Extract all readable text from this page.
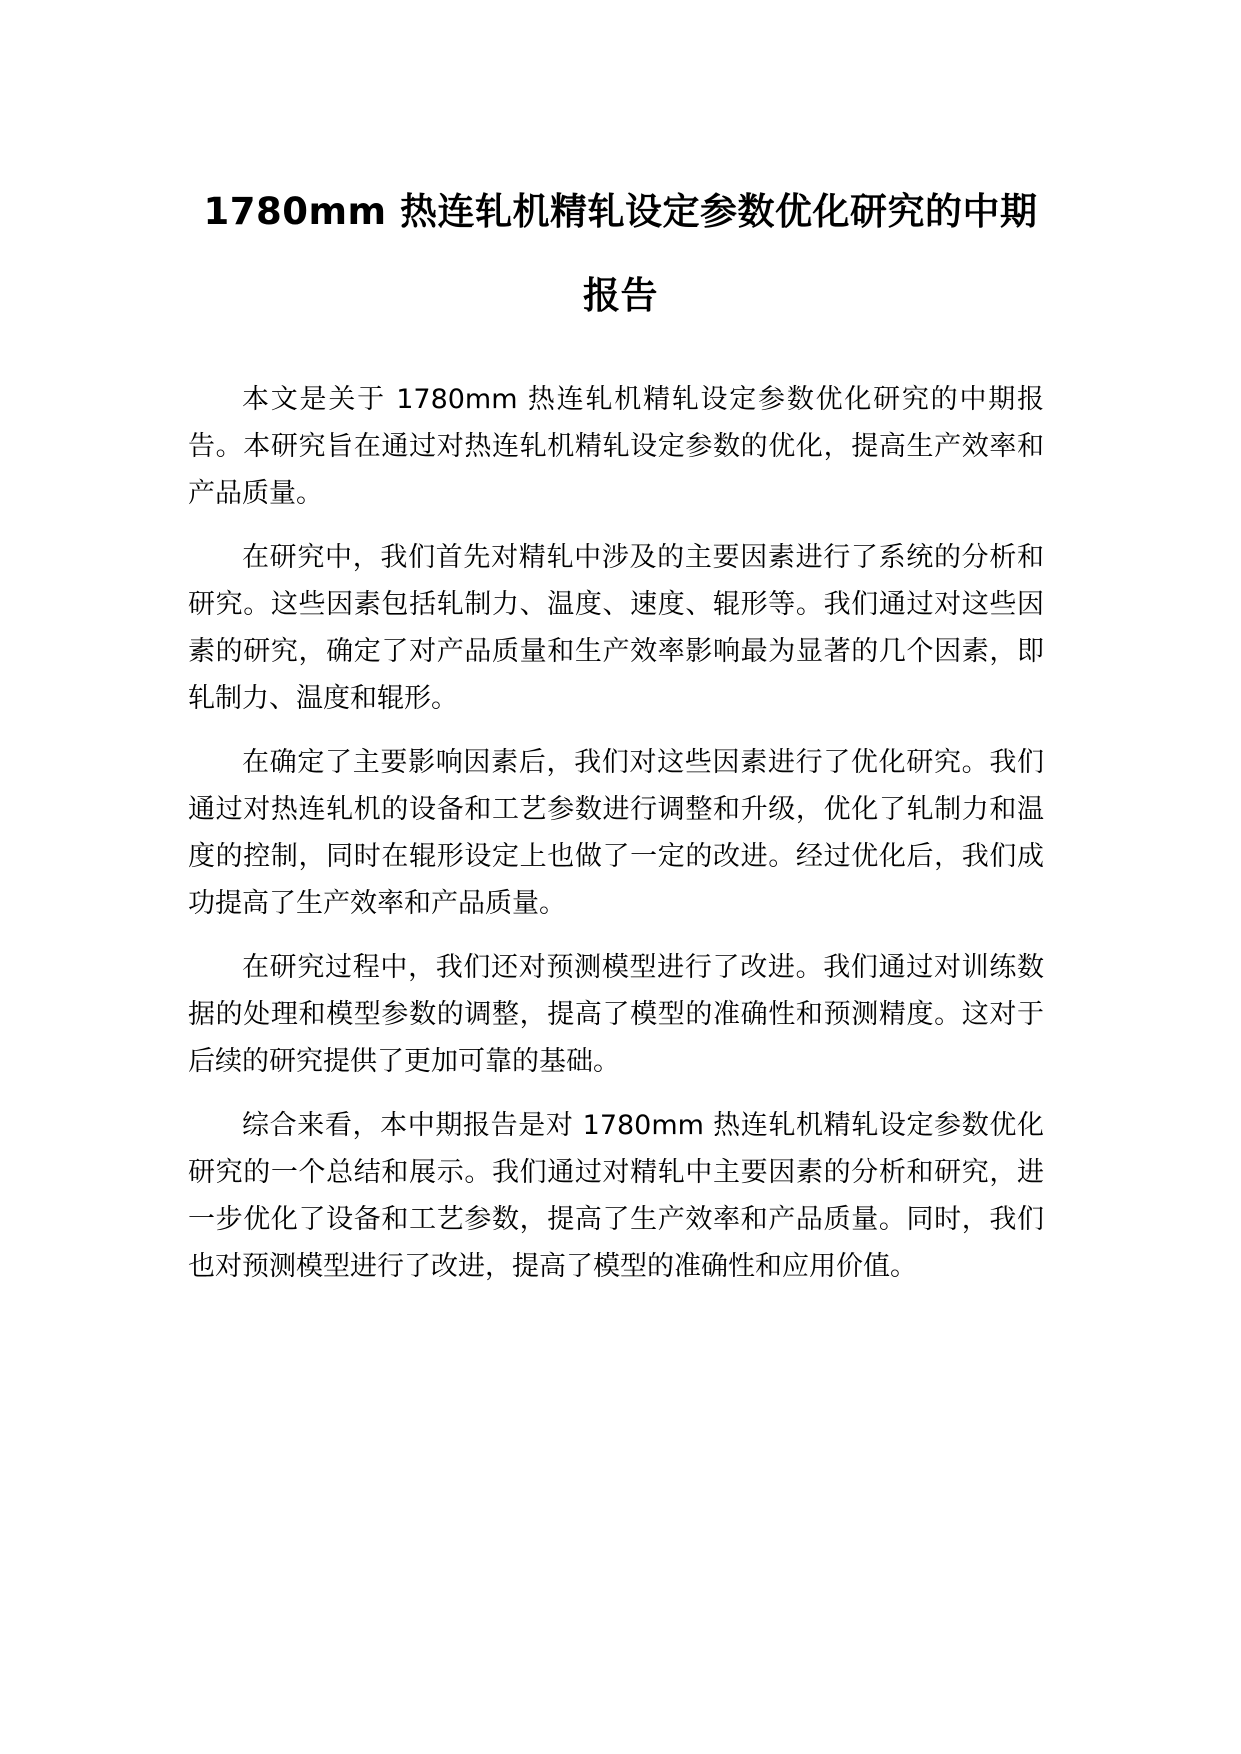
1780mm 热连轧机精轧设定参数优化研究的中期报告

本文是关于 1780mm 热连轧机精轧设定参数优化研究的中期报告。本研究旨在通过对热连轧机精轧设定参数的优化，提高生产效率和产品质量。

在研究中，我们首先对精轧中涉及的主要因素进行了系统的分析和研究。这些因素包括轧制力、温度、速度、辊形等。我们通过对这些因素的研究，确定了对产品质量和生产效率影响最为显著的几个因素，即轧制力、温度和辊形。

在确定了主要影响因素后，我们对这些因素进行了优化研究。我们通过对热连轧机的设备和工艺参数进行调整和升级，优化了轧制力和温度的控制，同时在辊形设定上也做了一定的改进。经过优化后，我们成功提高了生产效率和产品质量。

在研究过程中，我们还对预测模型进行了改进。我们通过对训练数据的处理和模型参数的调整，提高了模型的准确性和预测精度。这对于后续的研究提供了更加可靠的基础。

综合来看，本中期报告是对 1780mm 热连轧机精轧设定参数优化研究的一个总结和展示。我们通过对精轧中主要因素的分析和研究，进一步优化了设备和工艺参数，提高了生产效率和产品质量。同时，我们也对预测模型进行了改进，提高了模型的准确性和应用价值。
